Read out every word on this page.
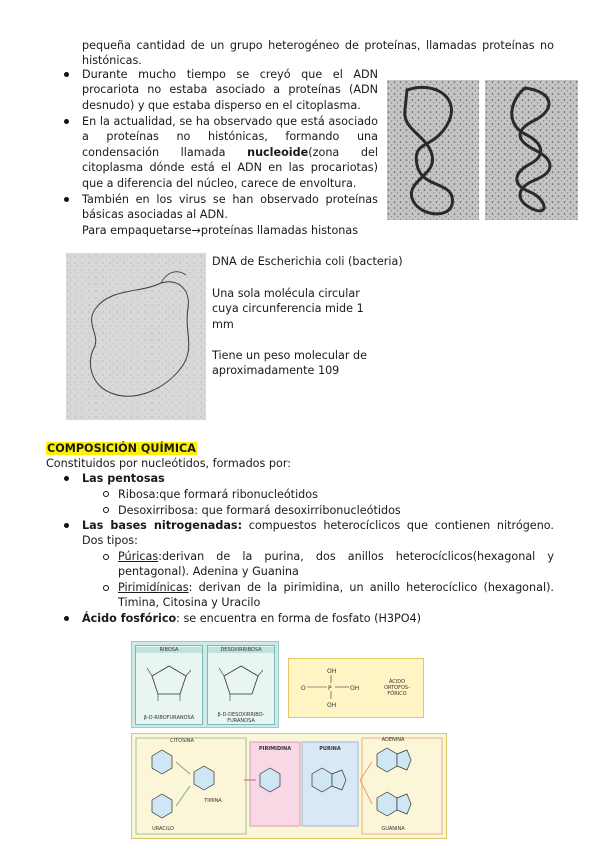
pequeña cantidad de un grupo heterogéneo de proteínas, llamadas proteínas no histónicas.
Durante mucho tiempo se creyó que el ADN procariota no estaba asociado a proteínas (ADN desnudo) y que estaba disperso en el citoplasma.
En la actualidad, se ha observado que está asociado a proteínas no histónicas, formando una condensación llamada nucleoide(zona del citoplasma dónde está el ADN en las procariotas) que a diferencia del núcleo, carece de envoltura.
También en los virus se han observado proteínas básicas asociadas al ADN.
Para empaquetarse→proteínas llamadas histonas
DNA de Escherichia coli (bacteria)
Una sola molécula circular cuya circunferencia mide 1 mm
Tiene un peso molecular de aproximadamente 109
COMPOSICIÓN QUÍMICA
Constituidos por nucleótidos, formados por:
Las pentosas
Ribosa:que formará ribonucleótidos
Desoxirribosa: que formará desoxirribonucleótidos
Las bases nitrogenadas: compuestos heterocíclicos que contienen nitrógeno. Dos tipos:
Púricas:derivan de la purina, dos anillos heterocíclicos(hexagonal y pentagonal). Adenina y Guanina
Pirimidínicas: derivan de la pirimidina, un anillo heterocíclico (hexagonal). Timina, Citosina y Uracilo
Ácido fosfórico: se encuentra en forma de fosfato (H3PO4)
RIBOSA
β-D-RIBOFURANOSA
DESOXIRRIBOSA
β-D-DESOXIRRIBO-FURANOSA
OH
O	P	OH
OH
ÁCIDO ORTOFOS-FÓRICO
CITOSINA
TIMINA
URACILO
PIRIMIDINA	PURINA
ADENINA
GUANINA
